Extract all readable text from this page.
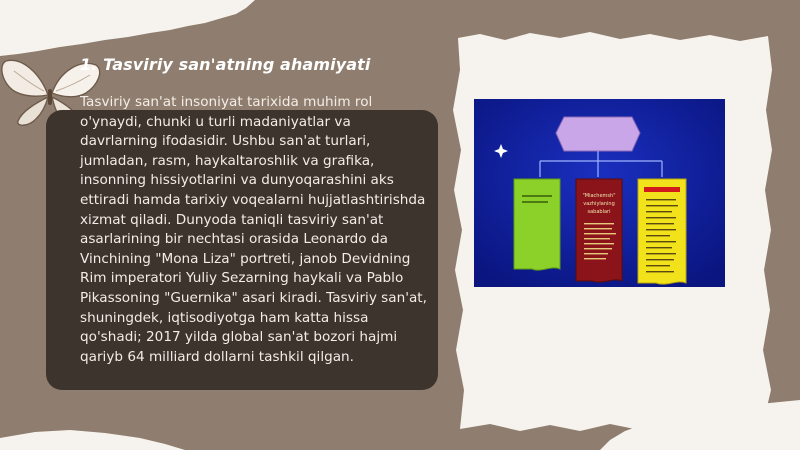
1. Tasviriy san'atning ahamiyati

Tasviriy san'at insoniyat tarixida muhim rol o'ynaydi, chunki u turli madaniyatlar va davrlarning ifodasidir. Ushbu san'at turlari, jumladan, rasm, haykaltaroshlik va grafika, insonning hissiyotlarini va dunyoqarashini aks ettiradi hamda tarixiy voqealarni hujjatlashtirishda xizmat qiladi. Dunyoda taniqli tasviriy san'at asarlarining bir nechtasi orasida Leonardo da Vinchining "Mona Liza" portreti, janob Devidning Rim imperatori Yuliy Sezarning haykali va Pablo Pikassoning "Guernika" asari kiradi. Tasviriy san'at, shuningdek, iqtisodiyotga ham katta hissa qo'shadi; 2017 yilda global san'at bozori hajmi qariyb 64 milliard dollarni tashkil qilgan.

"Miachemsh"
vazhiylaning
sabablari
